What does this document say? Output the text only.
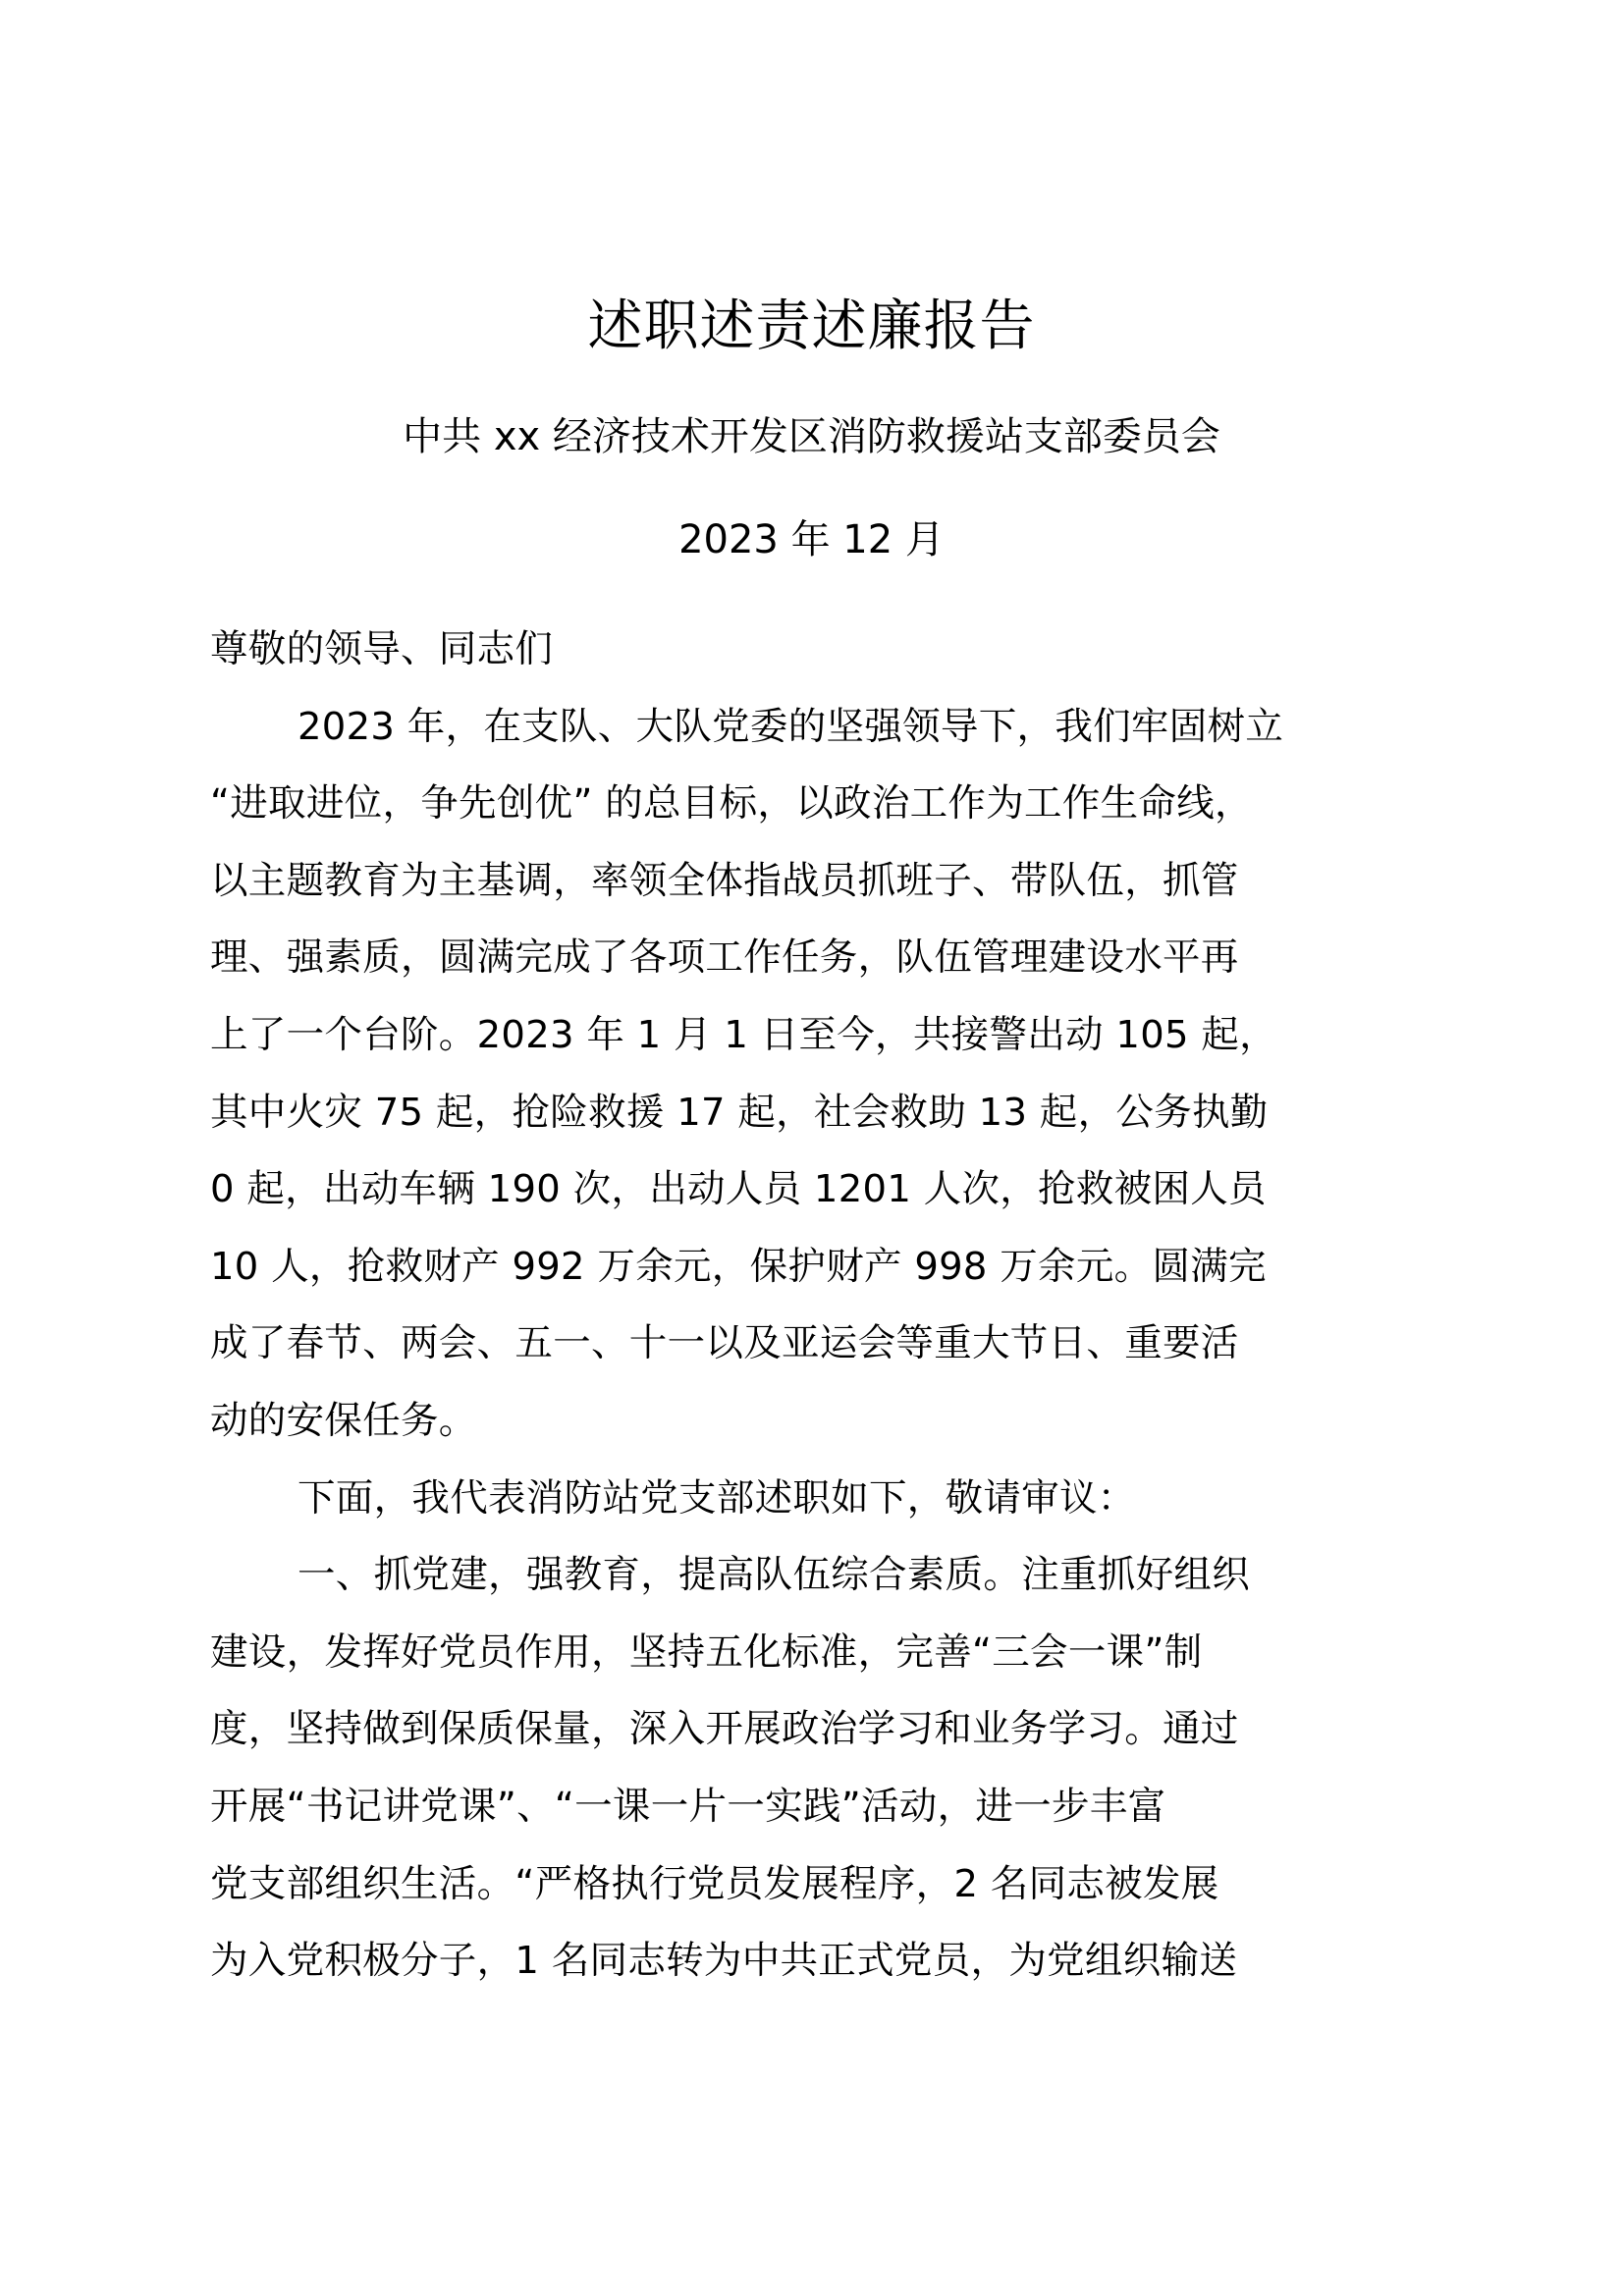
述职述责述廉报告
中共 xx 经济技术开发区消防救援站支部委员会
2023 年 12 月
尊敬的领导、同志们
2023 年，在支队、大队党委的坚强领导下，我们牢固树立
“进取进位，争先创优” 的总目标，以政治工作为工作生命线，
以主题教育为主基调，率领全体指战员抓班子、带队伍，抓管
理、强素质，圆满完成了各项工作任务，队伍管理建设水平再
上了一个台阶。2023 年 1 月 1 日至今，共接警出动 105 起，
其中火灾 75 起，抢险救援 17 起，社会救助 13 起，公务执勤
0 起，出动车辆 190 次，出动人员 1201 人次，抢救被困人员
10 人，抢救财产 992 万余元，保护财产 998 万余元。圆满完
成了春节、两会、五一、十一以及亚运会等重大节日、重要活
动的安保任务。
下面，我代表消防站党支部述职如下，敬请审议：
一、抓党建，强教育，提高队伍综合素质。注重抓好组织
建设，发挥好党员作用，坚持五化标准，完善“三会一课”制
度，坚持做到保质保量，深入开展政治学习和业务学习。通过
开展“书记讲党课”、“一课一片一实践”活动，进一步丰富
党支部组织生活。“严格执行党员发展程序，2 名同志被发展
为入党积极分子，1 名同志转为中共正式党员，为党组织输送
